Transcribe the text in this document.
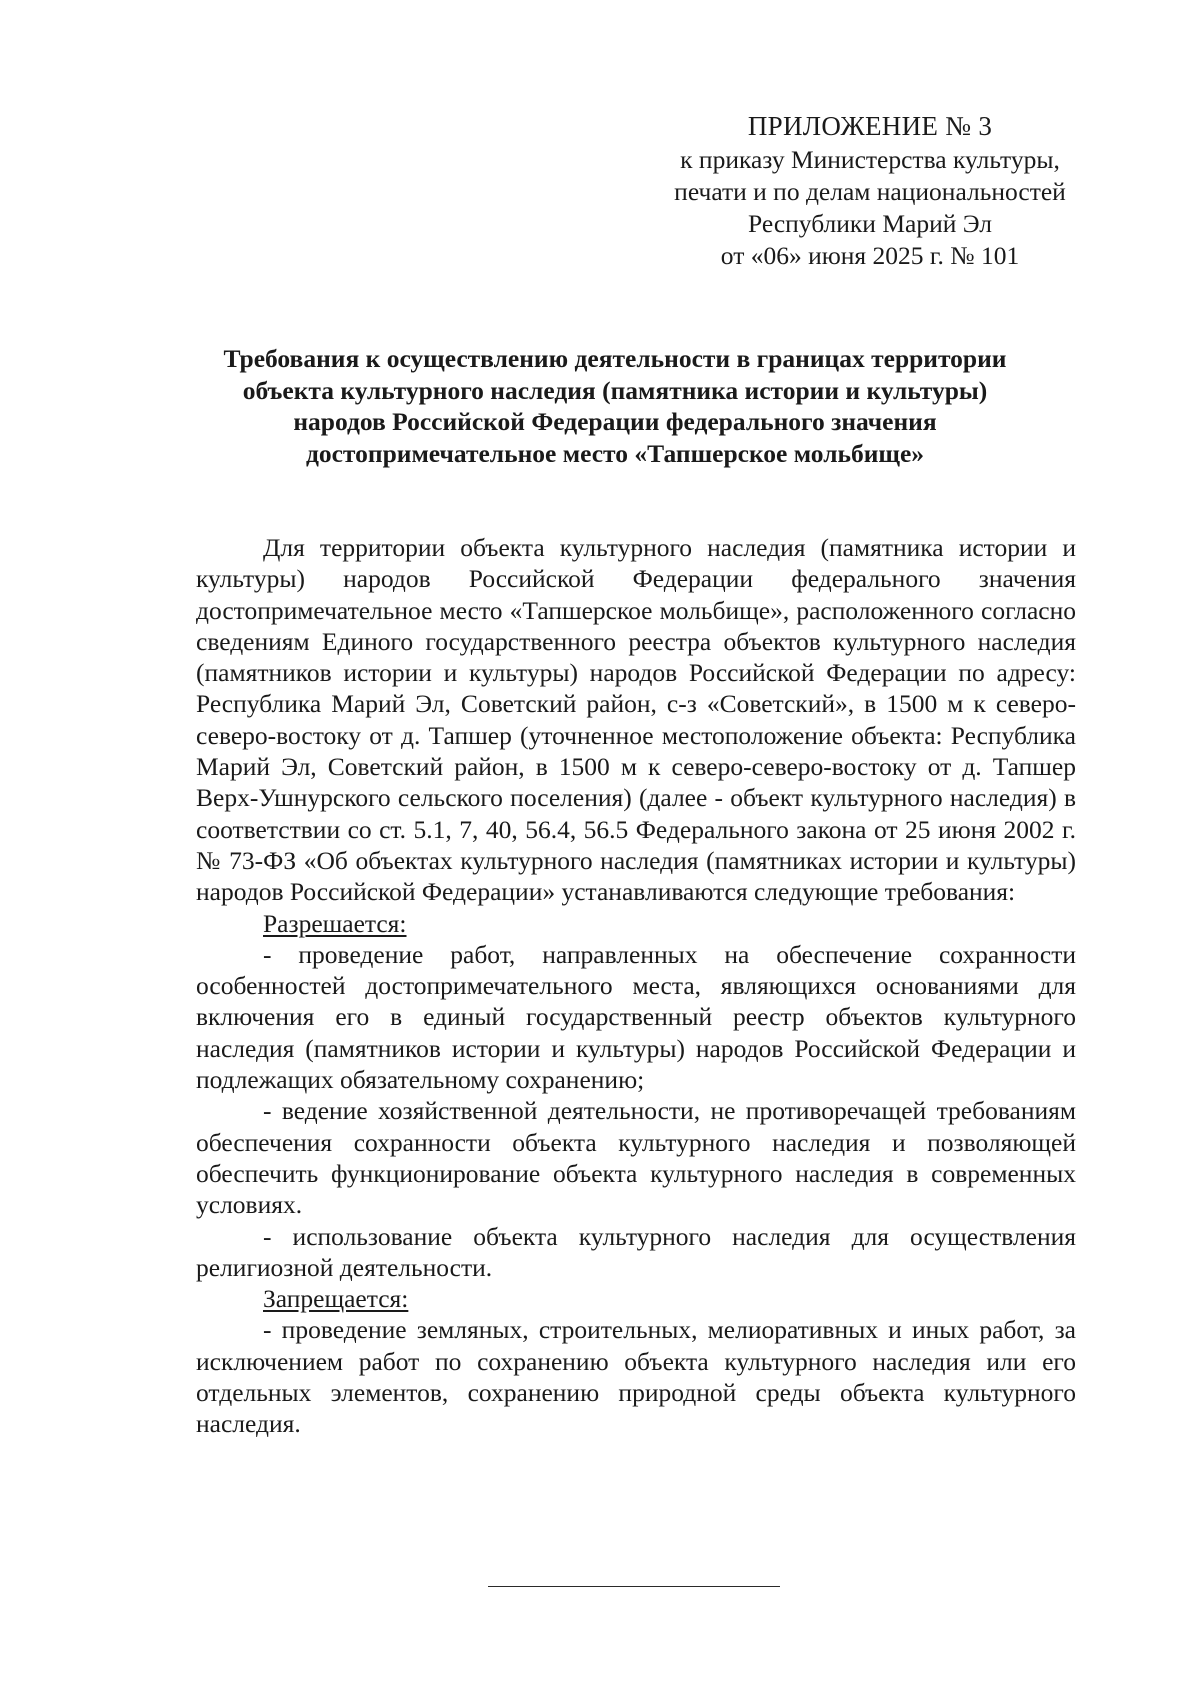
ПРИЛОЖЕНИЕ № 3
к приказу Министерства культуры,
печати и по делам национальностей
Республики Марий Эл
от «06» июня 2025 г. № 101
Требования к осуществлению деятельности в границах территории
объекта культурного наследия (памятника истории и культуры)
народов Российской Федерации федерального значения
достопримечательное место «Тапшерское мольбище»

Для территории объекта культурного наследия (памятника истории и культуры) народов Российской Федерации федерального значения достопримечательное место «Тапшерское мольбище», расположенного согласно сведениям Единого государственного реестра объектов культурного наследия (памятников истории и культуры) народов Российской Федерации по адресу: Республика Марий Эл, Советский район, с-з «Советский», в 1500 м к северо-северо-востоку от д. Тапшер (уточненное местоположение объекта: Республика Марий Эл, Советский район, в 1500 м к северо-северо-востоку от д. Тапшер Верх-Ушнурского сельского поселения) (далее - объект культурного наследия) в соответствии со ст. 5.1, 7, 40, 56.4, 56.5 Федерального закона от 25 июня 2002 г. № 73-ФЗ «Об объектах культурного наследия (памятниках истории и культуры) народов Российской Федерации» устанавливаются следующие требования:

Разрешается:

- проведение работ, направленных на обеспечение сохранности особенностей достопримечательного места, являющихся основаниями для включения его в единый государственный реестр объектов культурного наследия (памятников истории и культуры) народов Российской Федерации и подлежащих обязательному сохранению;

- ведение хозяйственной деятельности, не противоречащей требованиям обеспечения сохранности объекта культурного наследия и позволяющей обеспечить функционирование объекта культурного наследия в современных условиях.

- использование объекта культурного наследия для осуществления религиозной деятельности.

Запрещается:

- проведение земляных, строительных, мелиоративных и иных работ, за исключением работ по сохранению объекта культурного наследия или его отдельных элементов, сохранению природной среды объекта культурного наследия.
